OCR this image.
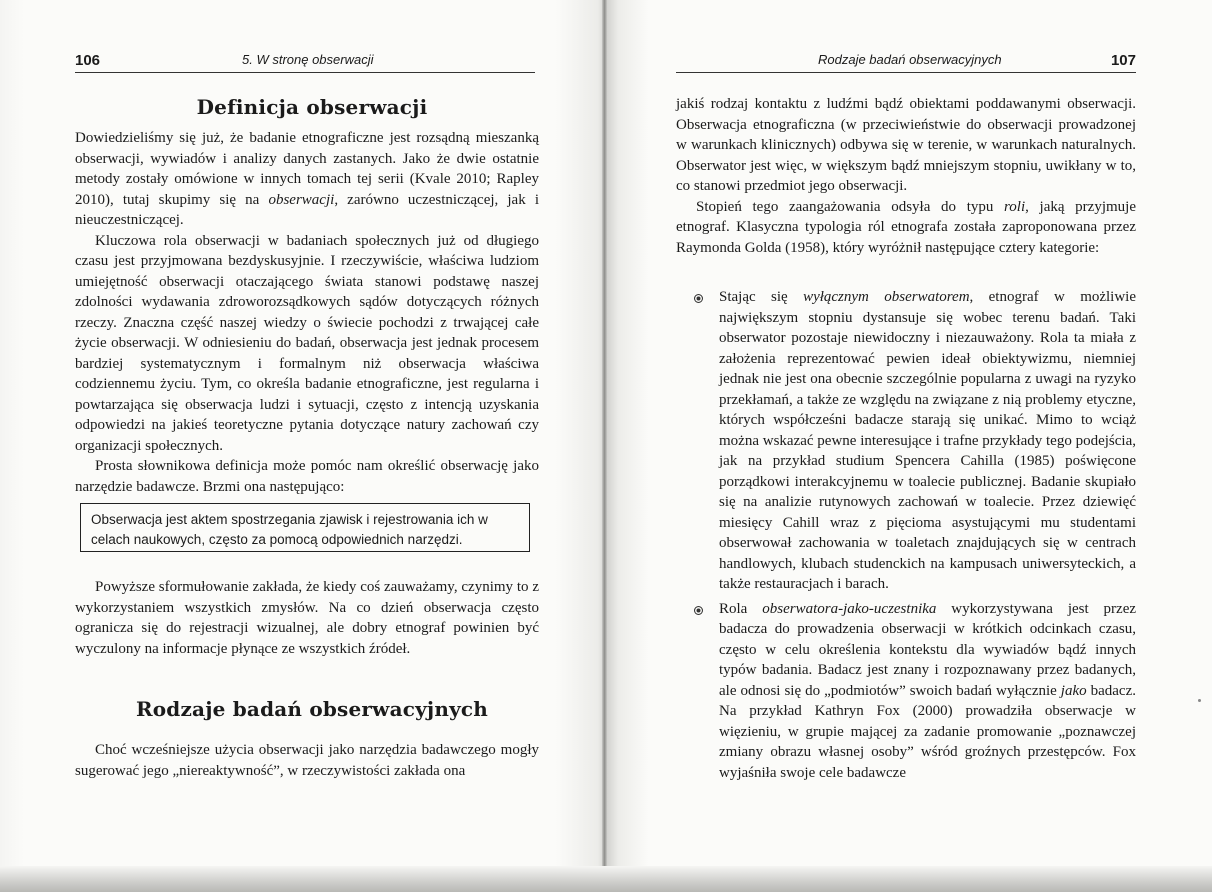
106	5. W stronę obserwacji
Definicja obserwacji

Dowiedzieliśmy się już, że badanie etnograficzne jest rozsądną mieszanką obserwacji, wywiadów i analizy danych zastanych. Jako że dwie ostatnie metody zostały omówione w innych tomach tej serii (Kvale 2010; Rapley 2010), tutaj skupimy się na obserwacji, zarówno uczestniczącej, jak i nieuczestniczącej.

Kluczowa rola obserwacji w badaniach społecznych już od długiego czasu jest przyjmowana bezdyskusyjnie. I rzeczywiście, właściwa ludziom umiejętność obserwacji otaczającego świata stanowi podstawę naszej zdolności wydawania zdroworozsądkowych sądów dotyczących różnych rzeczy. Znaczna część naszej wiedzy o świecie pochodzi z trwającej całe życie obserwacji. W odniesieniu do badań, obserwacja jest jednak procesem bardziej systematycznym i formalnym niż obserwacja właściwa codziennemu życiu. Tym, co określa badanie etnograficzne, jest regularna i powtarzająca się obserwacja ludzi i sytuacji, często z intencją uzyskania odpowiedzi na jakieś teoretyczne pytania dotyczące natury zachowań czy organizacji społecznych.

Prosta słownikowa definicja może pomóc nam określić obserwację jako narzędzie badawcze. Brzmi ona następująco:

Obserwacja jest aktem spostrzegania zjawisk i rejestrowania ich w celach naukowych, często za pomocą odpowiednich narzędzi.

Powyższe sformułowanie zakłada, że kiedy coś zauważamy, czynimy to z wykorzystaniem wszystkich zmysłów. Na co dzień obserwacja często ogranicza się do rejestracji wizualnej, ale dobry etnograf powinien być wyczulony na informacje płynące ze wszystkich źródeł.

Rodzaje badań obserwacyjnych

Choć wcześniejsze użycia obserwacji jako narzędzia badawczego mogły sugerować jego „niereaktywność”, w rzeczywistości zakłada ona

Rodzaje badań obserwacyjnych	107

jakiś rodzaj kontaktu z ludźmi bądź obiektami poddawanymi obserwacji. Obserwacja etnograficzna (w przeciwieństwie do obserwacji prowadzonej w warunkach klinicznych) odbywa się w terenie, w warunkach naturalnych. Obserwator jest więc, w większym bądź mniejszym stopniu, uwikłany w to, co stanowi przedmiot jego obserwacji.

Stopień tego zaangażowania odsyła do typu roli, jaką przyjmuje etnograf. Klasyczna typologia ról etnografa została zaproponowana przez Raymonda Golda (1958), który wyróżnił następujące cztery kategorie:

Stając się wyłącznym obserwatorem, etnograf w możliwie największym stopniu dystansuje się wobec terenu badań. Taki obserwator pozostaje niewidoczny i niezauważony. Rola ta miała z założenia reprezentować pewien ideał obiektywizmu, niemniej jednak nie jest ona obecnie szczególnie popularna z uwagi na ryzyko przekłamań, a także ze względu na związane z nią problemy etyczne, których współcześni badacze starają się unikać. Mimo to wciąż można wskazać pewne interesujące i trafne przykłady tego podejścia, jak na przykład studium Spencera Cahilla (1985) poświęcone porządkowi interakcyjnemu w toalecie publicznej. Badanie skupiało się na analizie rutynowych zachowań w toalecie. Przez dziewięć miesięcy Cahill wraz z pięcioma asystującymi mu studentami obserwował zachowania w toaletach znajdujących się w centrach handlowych, klubach studenckich na kampusach uniwersyteckich, a także restauracjach i barach.
Rola obserwatora-jako-uczestnika wykorzystywana jest przez badacza do prowadzenia obserwacji w krótkich odcinkach czasu, często w celu określenia kontekstu dla wywiadów bądź innych typów badania. Badacz jest znany i rozpoznawany przez badanych, ale odnosi się do „podmiotów” swoich badań wyłącznie jako badacz. Na przykład Kathryn Fox (2000) prowadziła obserwacje w więzieniu, w grupie mającej za zadanie promowanie „poznawczej zmiany obrazu własnej osoby” wśród groźnych przestępców. Fox wyjaśniła swoje cele badawcze
